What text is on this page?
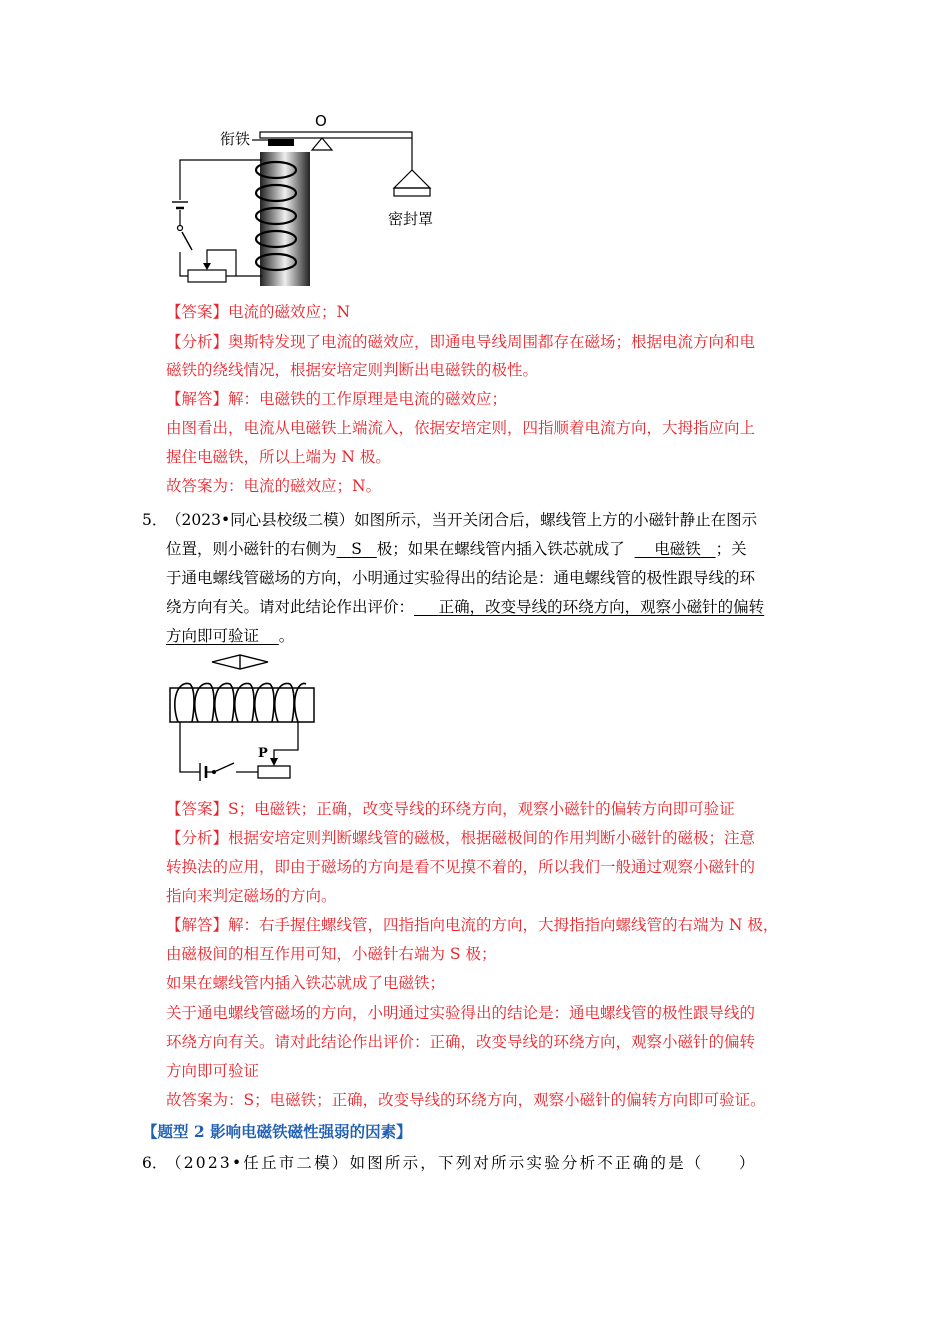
衔铁
O
密封罩
【答案】电流的磁效应；N
【分析】奥斯特发现了电流的磁效应，即通电导线周围都存在磁场；根据电流方向和电
磁铁的绕线情况，根据安培定则判断出电磁铁的极性。
【解答】解：电磁铁的工作原理是电流的磁效应；
由图看出，电流从电磁铁上端流入，依据安培定则，四指顺着电流方向，大拇指应向上
握住电磁铁，所以上端为 N 极。
故答案为：电流的磁效应；N。
5．
（2023•同心县校级二模）如图所示，当开关闭合后，螺线管上方的小磁针静止在图示
位置，则小磁针的右侧为 S 极；如果在螺线管内插入铁芯就成了 电磁铁 ；关
于通电螺线管磁场的方向，小明通过实验得出的结论是：通电螺线管的极性跟导线的环
绕方向有关。请对此结论作出评价： 正确，改变导线的环绕方向，观察小磁针的偏转
方向即可验证 。
P
【答案】S；电磁铁；正确，改变导线的环绕方向，观察小磁针的偏转方向即可验证
【分析】根据安培定则判断螺线管的磁极，根据磁极间的作用判断小磁针的磁极；注意
转换法的应用，即由于磁场的方向是看不见摸不着的，所以我们一般通过观察小磁针的
指向来判定磁场的方向。
【解答】解：右手握住螺线管，四指指向电流的方向，大拇指指向螺线管的右端为 N 极，
由磁极间的相互作用可知，小磁针右端为 S 极；
如果在螺线管内插入铁芯就成了电磁铁；
关于通电螺线管磁场的方向，小明通过实验得出的结论是：通电螺线管的极性跟导线的
环绕方向有关。请对此结论作出评价：正确，改变导线的环绕方向，观察小磁针的偏转
方向即可验证
故答案为：S；电磁铁；正确，改变导线的环绕方向，观察小磁针的偏转方向即可验证。
【题型 2 影响电磁铁磁性强弱的因素】
6．
（2023•任丘市二模）如图所示，下列对所示实验分析不正确的是（　　）
